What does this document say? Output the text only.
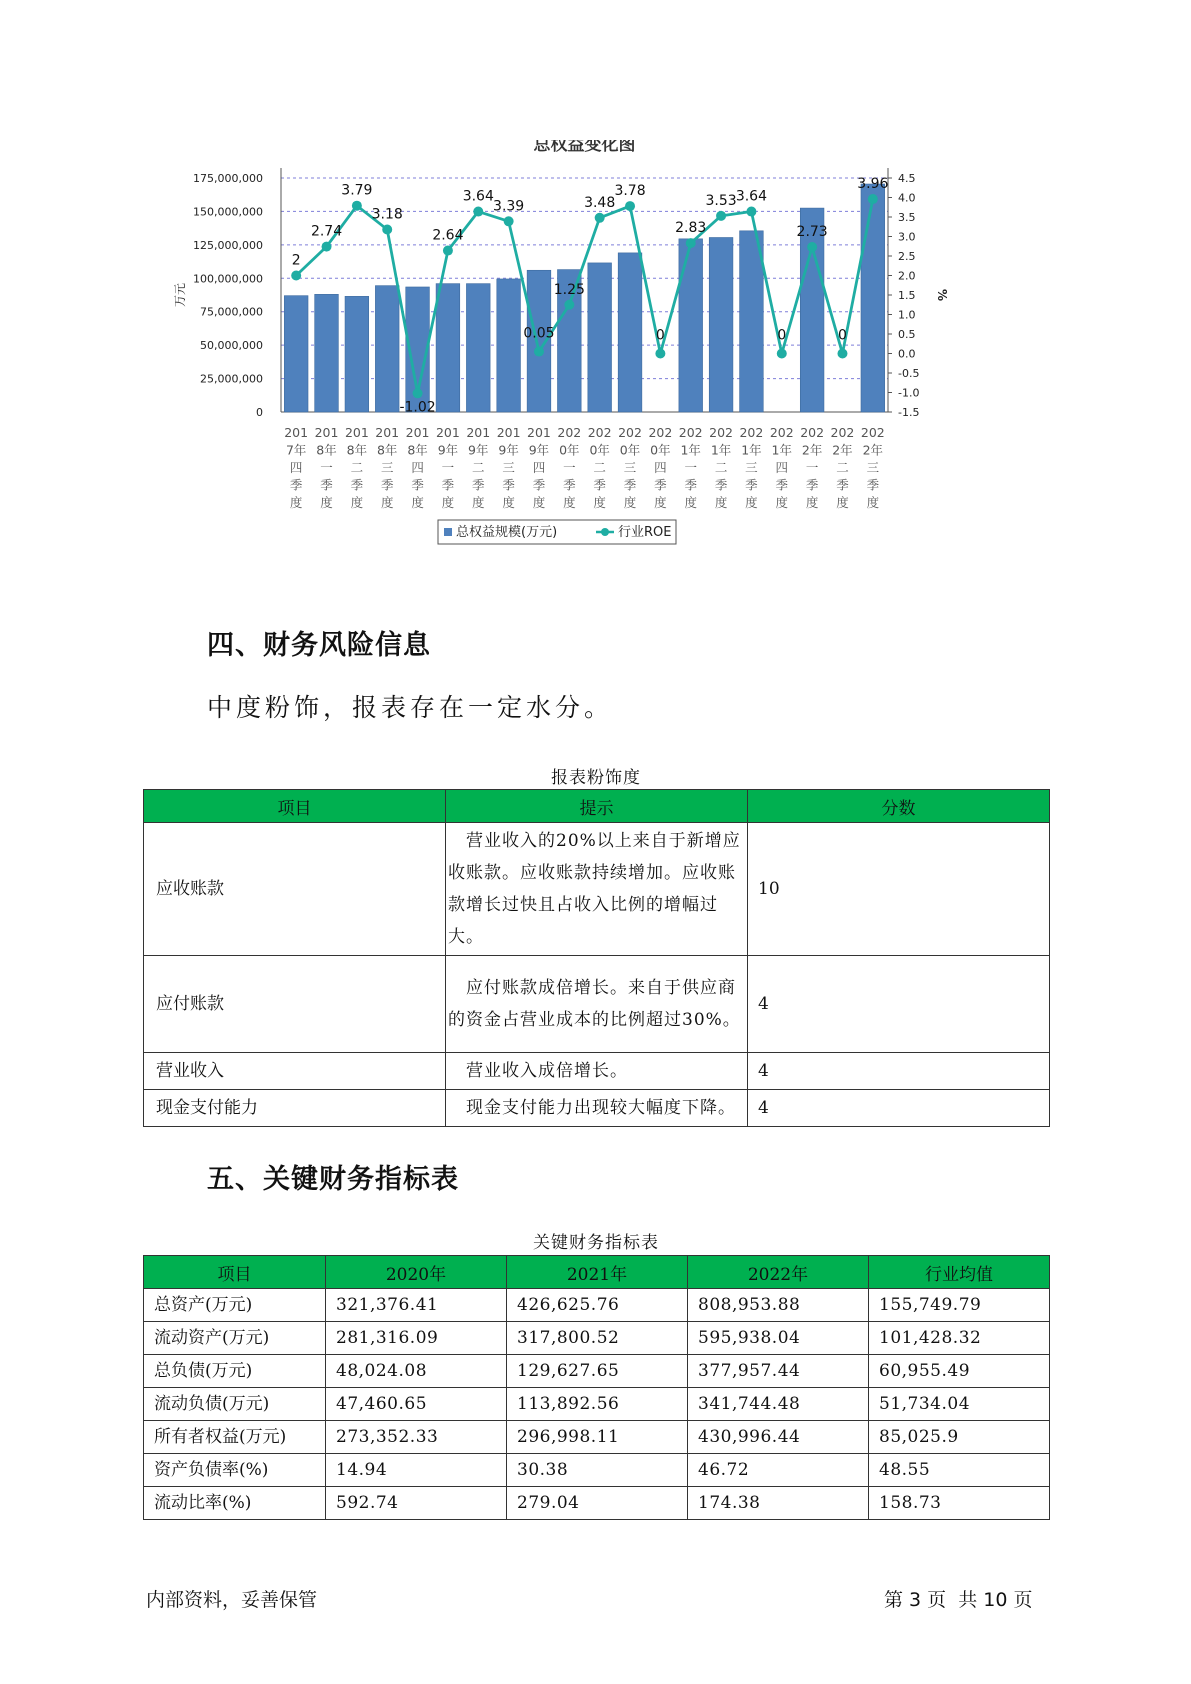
总权益变化图
0
25,000,000
50,000,000
75,000,000
100,000,000
125,000,000
150,000,000
175,000,000
-1.5
-1.0
-0.5
0.0
0.5
1.0
1.5
2.0
2.5
3.0
3.5
4.0
4.5
万元	%
201
7年
四
季
度
201
8年
一
季
度
201
8年
二
季
度
201
8年
三
季
度
201
8年
四
季
度
201
9年
一
季
度
201
9年
二
季
度
201
9年
三
季
度
201
9年
四
季
度
202
0年
一
季
度
202
0年
二
季
度
202
0年
三
季
度
202
0年
四
季
度
202
1年
一
季
度
202
1年
二
季
度
202
1年
三
季
度
202
1年
四
季
度
202
2年
一
季
度
202
2年
二
季
度
202
2年
三
季
度
2
2.74
3.79
3.18
-1.02
2.64
3.64
3.39
0.05
1.25
3.48
3.78
0
2.83
3.53 3.64
0
2.73
0
3.96
总权益规模(万元)	行业ROE
四、财务风险信息
中度粉饰，报表存在一定水分。
报表粉饰度
项目	提示	分数
应收账款	　营业收入的20%以上来自于新增应收账款。应收账款持续增加。应收账款增长过快且占收入比例的增幅过大。	10
应付账款	　应付账款成倍增长。来自于供应商的资金占营业成本的比例超过30%。	4
营业收入	　营业收入成倍增长。	4
现金支付能力	　现金支付能力出现较大幅度下降。	4
五、关键财务指标表
关键财务指标表
项目	2020年	2021年	2022年	行业均值
总资产(万元)	321,376.41	426,625.76	808,953.88	155,749.79
流动资产(万元)	281,316.09	317,800.52	595,938.04	101,428.32
总负债(万元)	48,024.08	129,627.65	377,957.44	60,955.49
流动负债(万元)	47,460.65	113,892.56	341,744.48	51,734.04
所有者权益(万元)	273,352.33	296,998.11	430,996.44	85,025.9
资产负债率(%)	14.94	30.38	46.72	48.55
流动比率(%)	592.74	279.04	174.38	158.73
内部资料，妥善保管	第 3 页  共 10 页
